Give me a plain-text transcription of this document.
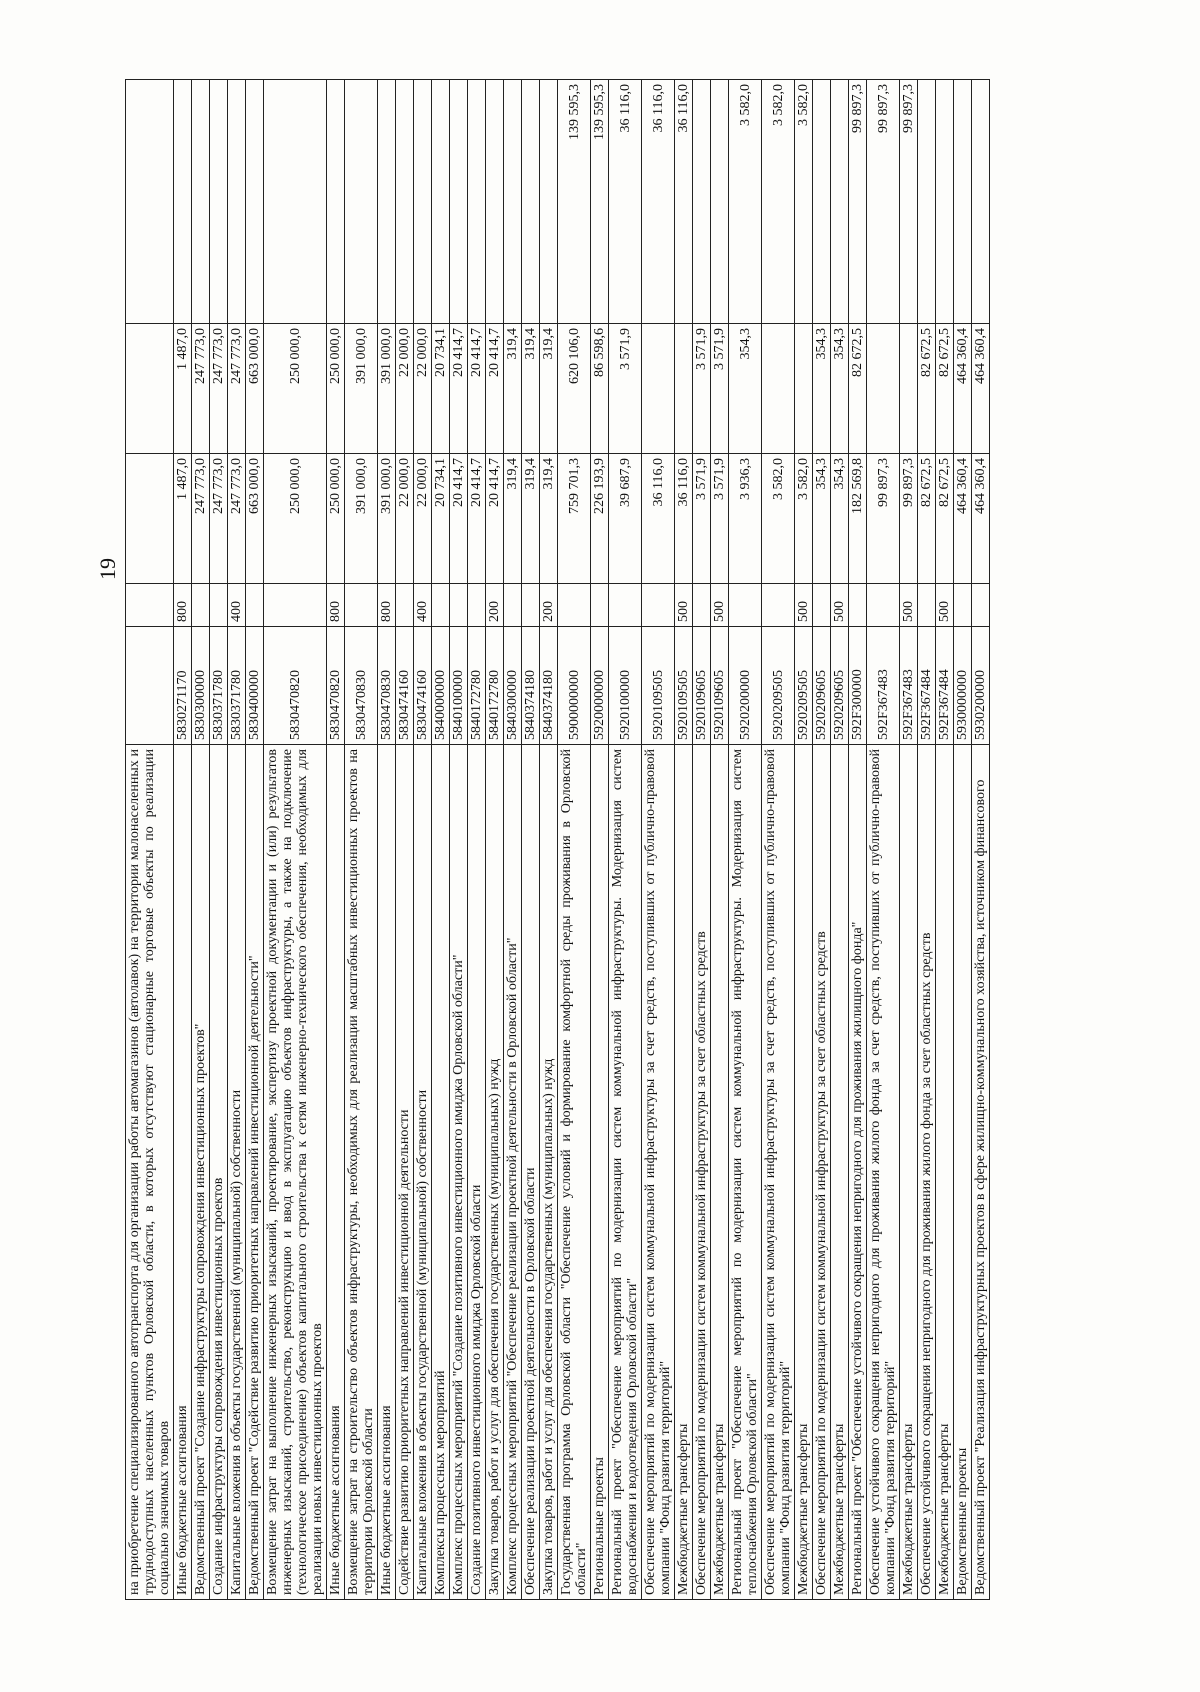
19
на приобретение специализированного автотранспорта для организации работы автомагазинов (автолавок) на территории малонаселенных и труднодоступных населенных пунктов Орловской области, в которых отсутствуют стационарные торговые объекты по реализации социально значимых товаров					
Иные бюджетные ассигнования	5830271170	800	1 487,0	1 487,0	
Ведомственный проект "Создание инфраструктуры сопровождения инвестиционных проектов"	5830300000		247 773,0	247 773,0	
Создание инфраструктуры сопровождения инвестиционных проектов	5830371780		247 773,0	247 773,0	
Капитальные вложения в объекты государственной (муниципальной) собственности	5830371780	400	247 773,0	247 773,0	
Ведомственный проект "Содействие развитию приоритетных направлений инвестиционной деятельности"	5830400000		663 000,0	663 000,0	
Возмещение затрат на выполнение инженерных изысканий, проектирование, экспертизу проектной документации и (или) результатов инженерных изысканий, строительство, реконструкцию и ввод в эксплуатацию объектов инфраструктуры, а также на подключение (технологическое присоединение) объектов капитального строительства к сетям инженерно-технического обеспечения, необходимых для реализации новых инвестиционных проектов	5830470820		250 000,0	250 000,0	
Иные бюджетные ассигнования	5830470820	800	250 000,0	250 000,0	
Возмещение затрат на строительство объектов инфраструктуры, необходимых для реализации масштабных инвестиционных проектов на территории Орловской области	5830470830		391 000,0	391 000,0	
Иные бюджетные ассигнования	5830470830	800	391 000,0	391 000,0	
Содействие развитию приоритетных направлений инвестиционной деятельности	5830474160		22 000,0	22 000,0	
Капитальные вложения в объекты государственной (муниципальной) собственности	5830474160	400	22 000,0	22 000,0	
Комплексы процессных мероприятий	5840000000		20 734,1	20 734,1	
Комплекс процессных мероприятий "Создание позитивного инвестиционного имиджа Орловской области"	5840100000		20 414,7	20 414,7	
Создание позитивного инвестиционного имиджа Орловской области	5840172780		20 414,7	20 414,7	
Закупка товаров, работ и услуг для обеспечения государственных (муниципальных) нужд	5840172780	200	20 414,7	20 414,7	
Комплекс процессных мероприятий "Обеспечение реализации проектной деятельности в Орловской области"	5840300000		319,4	319,4	
Обеспечение реализации проектной деятельности в Орловской области	5840374180		319,4	319,4	
Закупка товаров, работ и услуг для обеспечения государственных (муниципальных) нужд	5840374180	200	319,4	319,4	
Государственная программа Орловской области "Обеспечение условий и формирование комфортной среды проживания в Орловской области"	5900000000		759 701,3	620 106,0	139 595,3
Региональные проекты	5920000000		226 193,9	86 598,6	139 595,3
Региональный проект "Обеспечение мероприятий по модернизации систем коммунальной инфраструктуры. Модернизация систем водоснабжения и водоотведения Орловской области"	5920100000		39 687,9	3 571,9	36 116,0
Обеспечение мероприятий по модернизации систем коммунальной инфраструктуры за счет средств, поступивших от публично-правовой компании "Фонд развития территорий"	5920109505		36 116,0		36 116,0
Межбюджетные трансферты	5920109505	500	36 116,0		36 116,0
Обеспечение мероприятий по модернизации систем коммунальной инфраструктуры за счет областных средств	5920109605		3 571,9	3 571,9	
Межбюджетные трансферты	5920109605	500	3 571,9	3 571,9	
Региональный проект "Обеспечение мероприятий по модернизации систем коммунальной инфраструктуры. Модернизация систем теплоснабжения Орловской области"	5920200000		3 936,3	354,3	3 582,0
Обеспечение мероприятий по модернизации систем коммунальной инфраструктуры за счет средств, поступивших от публично-правовой компании "Фонд развития территорий"	5920209505		3 582,0		3 582,0
Межбюджетные трансферты	5920209505	500	3 582,0		3 582,0
Обеспечение мероприятий по модернизации систем коммунальной инфраструктуры за счет областных средств	5920209605		354,3	354,3	
Межбюджетные трансферты	5920209605	500	354,3	354,3	
Региональный проект "Обеспечение устойчивого сокращения непригодного для проживания жилищного фонда"	592F300000		182 569,8	82 672,5	99 897,3
Обеспечение устойчивого сокращения непригодного для проживания жилого фонда за счет средств, поступивших от публично-правовой компании "Фонд развития территорий"	592F367483		99 897,3		99 897,3
Межбюджетные трансферты	592F367483	500	99 897,3		99 897,3
Обеспечение устойчивого сокращения непригодного для проживания жилого фонда за счет областных средств	592F367484		82 672,5	82 672,5	
Межбюджетные трансферты	592F367484	500	82 672,5	82 672,5	
Ведомственные проекты	5930000000		464 360,4	464 360,4	
Ведомственный проект "Реализация инфраструктурных проектов в сфере жилищно-коммунального хозяйства, источником финансового	5930200000		464 360,4	464 360,4	
